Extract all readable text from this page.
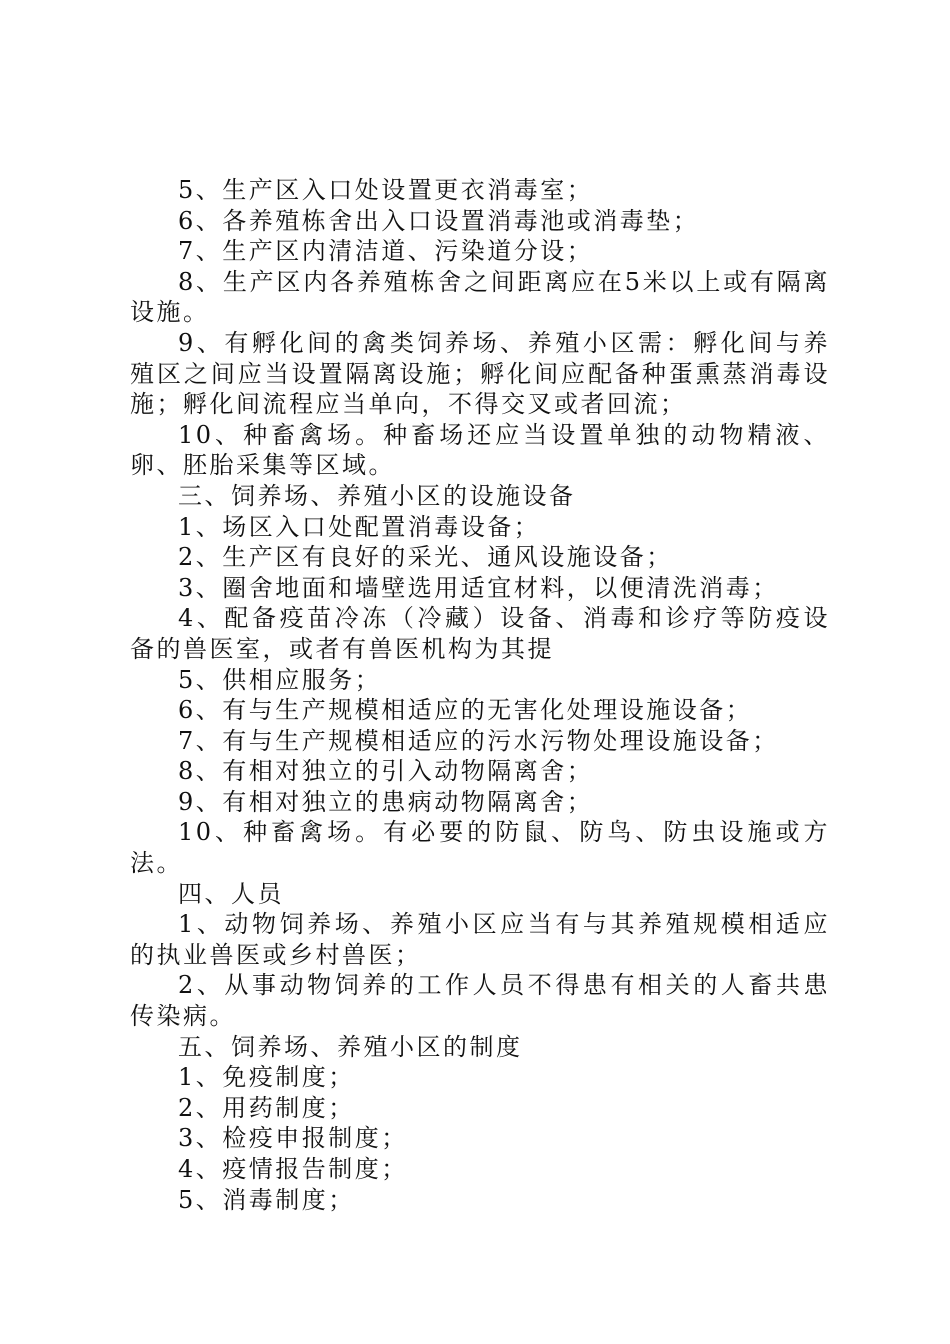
5、生产区入口处设置更衣消毒室；

6、各养殖栋舍出入口设置消毒池或消毒垫；

7、生产区内清洁道、污染道分设；

8、生产区内各养殖栋舍之间距离应在5米以上或有隔离设施。

9、有孵化间的禽类饲养场、养殖小区需：孵化间与养殖区之间应当设置隔离设施；孵化间应配备种蛋熏蒸消毒设施；孵化间流程应当单向，不得交叉或者回流；

10、种畜禽场。种畜场还应当设置单独的动物精液、卵、胚胎采集等区域。

三、饲养场、养殖小区的设施设备

1、场区入口处配置消毒设备；

2、生产区有良好的采光、通风设施设备；

3、圈舍地面和墙壁选用适宜材料，以便清洗消毒；

4、配备疫苗冷冻（冷藏）设备、消毒和诊疗等防疫设备的兽医室，或者有兽医机构为其提

5、供相应服务；

6、有与生产规模相适应的无害化处理设施设备；

7、有与生产规模相适应的污水污物处理设施设备；

8、有相对独立的引入动物隔离舍；

9、有相对独立的患病动物隔离舍；

10、种畜禽场。有必要的防鼠、防鸟、防虫设施或方法。

四、人员

1、动物饲养场、养殖小区应当有与其养殖规模相适应的执业兽医或乡村兽医；

2、从事动物饲养的工作人员不得患有相关的人畜共患传染病。

五、饲养场、养殖小区的制度

1、免疫制度；

2、用药制度；

3、检疫申报制度；

4、疫情报告制度；

5、消毒制度；
